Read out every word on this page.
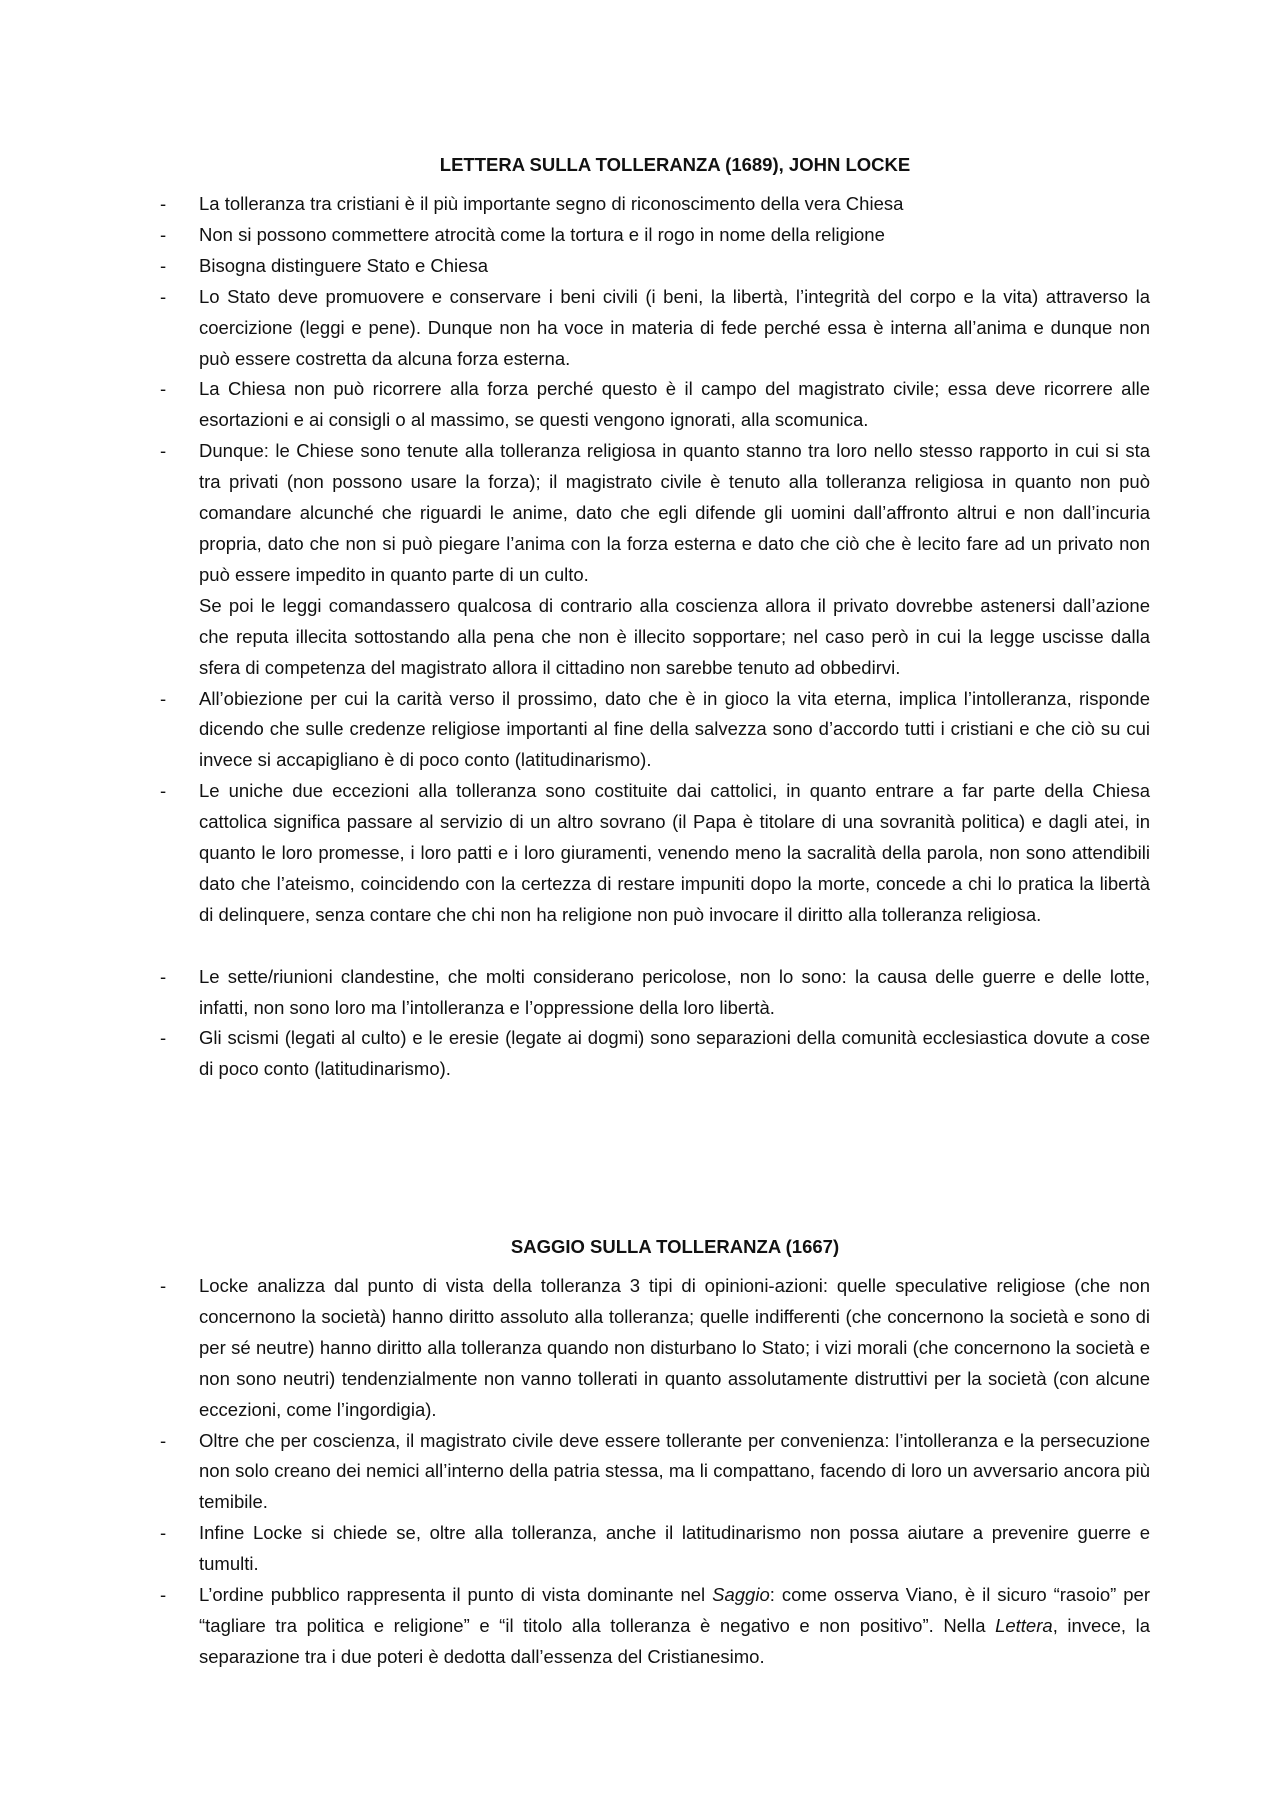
LETTERA SULLA TOLLERANZA (1689), JOHN LOCKE
-	La tolleranza tra cristiani è il più importante segno di riconoscimento della vera Chiesa
-	Non si possono commettere atrocità come la tortura e il rogo in nome della religione
-	Bisogna distinguere Stato e Chiesa
-	Lo Stato deve promuovere e conservare i beni civili (i beni, la libertà, l’integrità del corpo e la vita) attraverso la coercizione (leggi e pene). Dunque non ha voce in materia di fede perché essa è interna all’anima e dunque non può essere costretta da alcuna forza esterna.
-	La Chiesa non può ricorrere alla forza perché questo è il campo del magistrato civile; essa deve ricorrere alle esortazioni e ai consigli o al massimo, se questi vengono ignorati, alla scomunica.
-	Dunque: le Chiese sono tenute alla tolleranza religiosa in quanto stanno tra loro nello stesso rapporto in cui si sta tra privati (non possono usare la forza); il magistrato civile è tenuto alla tolleranza religiosa in quanto non può comandare alcunché che riguardi le anime, dato che egli difende gli uomini dall’affronto altrui e non dall’incuria propria, dato che non si può piegare l’anima con la forza esterna e dato che ciò che è lecito fare ad un privato non può essere impedito in quanto parte di un culto.
Se poi le leggi comandassero qualcosa di contrario alla coscienza allora il privato dovrebbe astenersi dall’azione che reputa illecita sottostando alla pena che non è illecito sopportare; nel caso però in cui la legge uscisse dalla sfera di competenza del magistrato allora il cittadino non sarebbe tenuto ad obbedirvi.
-	All’obiezione per cui la carità verso il prossimo, dato che è in gioco la vita eterna, implica l’intolleranza, risponde dicendo che sulle credenze religiose importanti al fine della salvezza sono d’accordo tutti i cristiani e che ciò su cui invece si accapigliano è di poco conto (latitudinarismo).
-	Le uniche due eccezioni alla tolleranza sono costituite dai cattolici, in quanto entrare a far parte della Chiesa cattolica significa passare al servizio di un altro sovrano (il Papa è titolare di una sovranità politica) e dagli atei, in quanto le loro promesse, i loro patti e i loro giuramenti, venendo meno la sacralità della parola, non sono attendibili dato che l’ateismo, coincidendo con la certezza di restare impuniti dopo la morte, concede a chi lo pratica la libertà di delinquere, senza contare che chi non ha religione non può invocare il diritto alla tolleranza religiosa.
-	Le sette/riunioni clandestine, che molti considerano pericolose, non lo sono: la causa delle guerre e delle lotte, infatti, non sono loro ma l’intolleranza e l’oppressione della loro libertà.
-	Gli scismi (legati al culto) e le eresie (legate ai dogmi) sono separazioni della comunità ecclesiastica dovute a cose di poco conto (latitudinarismo).
SAGGIO SULLA TOLLERANZA (1667)
-	Locke analizza dal punto di vista della tolleranza 3 tipi di opinioni-azioni: quelle speculative religiose (che non concernono la società) hanno diritto assoluto alla tolleranza; quelle indifferenti (che concernono la società e sono di per sé neutre) hanno diritto alla tolleranza quando non disturbano lo Stato; i vizi morali (che concernono la società e non sono neutri) tendenzialmente non vanno tollerati in quanto assolutamente distruttivi per la società (con alcune eccezioni, come l’ingordigia).
-	Oltre che per coscienza, il magistrato civile deve essere tollerante per convenienza: l’intolleranza e la persecuzione non solo creano dei nemici all’interno della patria stessa, ma li compattano, facendo di loro un avversario ancora più temibile.
-	Infine Locke si chiede se, oltre alla tolleranza, anche il latitudinarismo non possa aiutare a prevenire guerre e tumulti.
-	L’ordine pubblico rappresenta il punto di vista dominante nel Saggio: come osserva Viano, è il sicuro “rasoio” per “tagliare tra politica e religione” e “il titolo alla tolleranza è negativo e non positivo”. Nella Lettera, invece, la separazione tra i due poteri è dedotta dall’essenza del Cristianesimo.
